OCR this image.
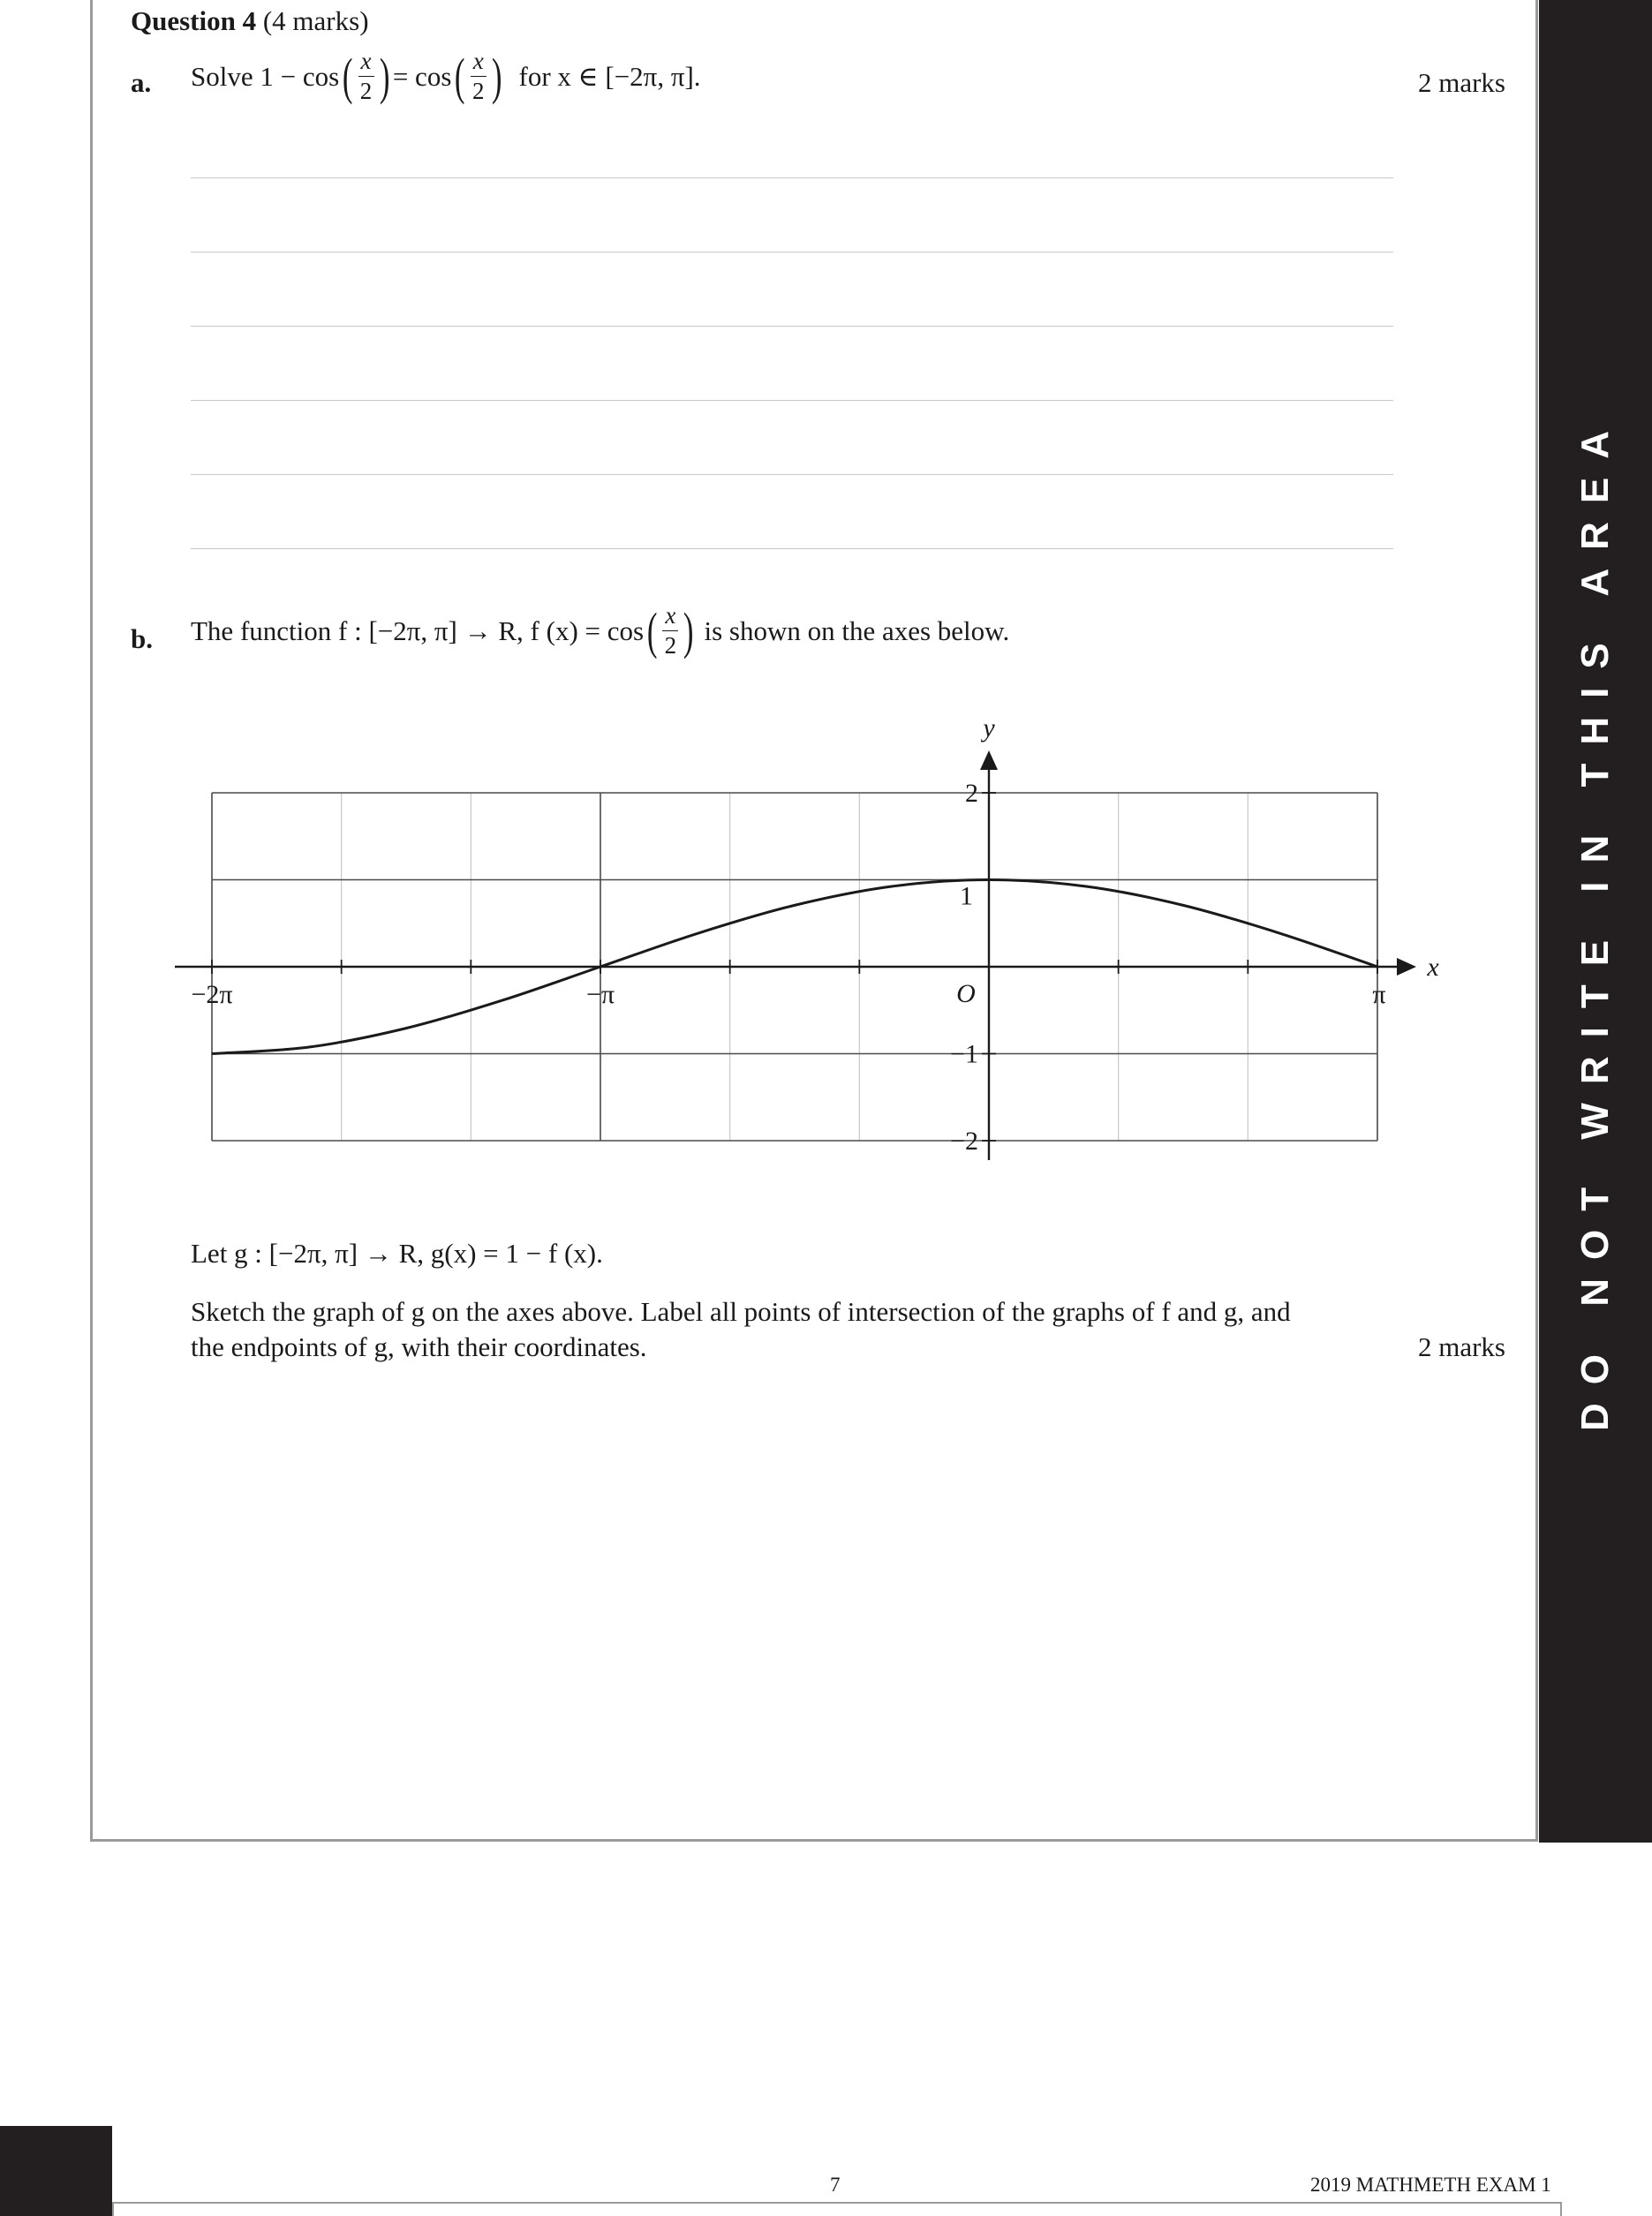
DO NOT WRITE IN THIS AREA
Question 4 (4 marks)
a. Solve 1 −
cos ( $\frac{x}{2}$ ) = cos ( $\frac{x}{2}$ )
for x ∈ [−2π, π].	2 marks
b. The function f : [−2π, π] → R, f (x) = cos ( $\frac{x}{2}$ )
is shown on the axes below.
−2π	−π	π
2
1
−1
−2
O
x
y
Let g : [−2π, π] → R, g(x) = 1 − f (x).
Sketch the graph of g on the axes above. Label all points of intersection of the graphs of f and g, and
the endpoints of g, with their coordinates.	2 marks
7	2019 MATHMETH EXAM 1
